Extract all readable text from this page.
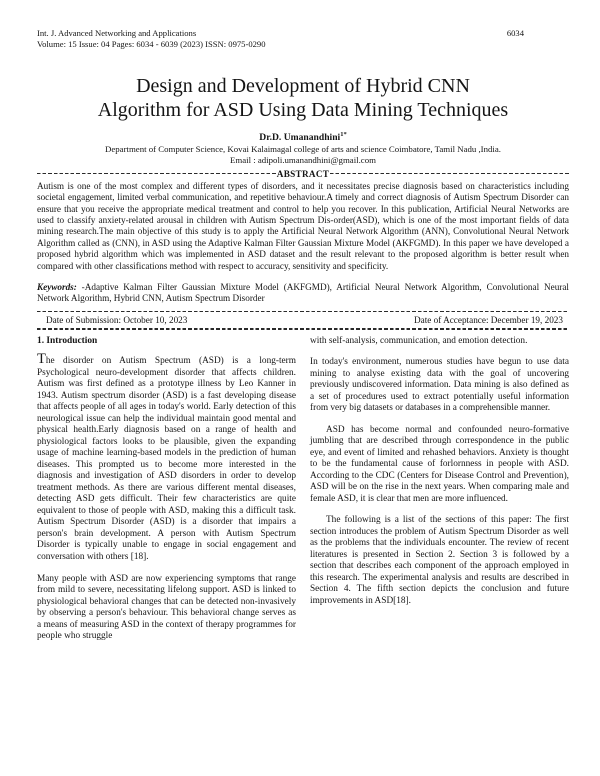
Int. J. Advanced Networking and Applications
Volume: 15 Issue: 04 Pages: 6034 - 6039 (2023) ISSN: 0975-0290
6034
Design and Development of Hybrid CNN Algorithm for ASD Using Data Mining Techniques
Dr.D. Umanandhini$^{1*}$
Department of Computer Science, Kovai Kalaimagal college of arts and science Coimbatore, Tamil Nadu ,India.
Email : adipoli.umanandhini@gmail.com
ABSTRACT
Autism is one of the most complex and different types of disorders, and it necessitates precise diagnosis based on characteristics including societal engagement, limited verbal communication, and repetitive behaviour.A timely and correct diagnosis of Autism Spectrum Disorder can ensure that you receive the appropriate medical treatment and control to help you recover. In this publication, Artificial Neural Networks are used to classify anxiety-related arousal in children with Autism Spectrum Dis-order(ASD), which is one of the most important fields of data mining research.The main objective of this study is to apply the Artificial Neural Network Algorithm (ANN), Convolutional Neural Network Algorithm called as (CNN), in ASD using the Adaptive Kalman Filter Gaussian Mixture Model (AKFGMD). In this paper we have developed a proposed hybrid algorithm which was implemented in ASD dataset and the result relevant to the proposed algorithm is better result when compared with other classifications method with respect to accuracy, sensitivity and specificity.
Keywords: -Adaptive Kalman Filter Gaussian Mixture Model (AKFGMD), Artificial Neural Network Algorithm, Convolutional Neural Network Algorithm, Hybrid CNN, Autism Spectrum Disorder
Date of Submission: October 10, 2023	Date of Acceptance: December 19, 2023
1. Introduction

The disorder on Autism Spectrum (ASD) is a long-term Psychological neuro-development disorder that affects children. Autism was first defined as a prototype illness by Leo Kanner in 1943. Autism spectrum disorder (ASD) is a fast developing disease that affects people of all ages in today's world. Early detection of this neurological issue can help the individual maintain good mental and physical health.Early diagnosis based on a range of health and physiological factors looks to be plausible, given the expanding usage of machine learning-based models in the prediction of human diseases. This prompted us to become more interested in the diagnosis and investigation of ASD disorders in order to develop treatment methods. As there are various different mental diseases, detecting ASD gets difficult. Their few characteristics are quite equivalent to those of people with ASD, making this a difficult task. Autism Spectrum Disorder (ASD) is a disorder that impairs a person's brain development. A person with Autism Spectrum Disorder is typically unable to engage in social engagement and conversation with others [18].

Many people with ASD are now experiencing symptoms that range from mild to severe, necessitating lifelong support. ASD is linked to physiological behavioral changes that can be detected non-invasively by observing a person's behaviour. This behavioral change serves as a means of measuring ASD in the context of therapy programmes for people who struggle

with self-analysis, communication, and emotion detection.

In today's environment, numerous studies have begun to use data mining to analyse existing data with the goal of uncovering previously undiscovered information. Data mining is also defined as a set of procedures used to extract potentially useful information from very big datasets or databases in a comprehensible manner.

ASD has become normal and confounded neuro-formative jumbling that are described through correspondence in the public eye, and event of limited and rehashed behaviors. Anxiety is thought to be the fundamental cause of forlornness in people with ASD. According to the CDC (Centers for Disease Control and Prevention), ASD will be on the rise in the next years. When comparing male and female ASD, it is clear that men are more influenced.

The following is a list of the sections of this paper: The first section introduces the problem of Autism Spectrum Disorder as well as the problems that the individuals encounter. The review of recent literatures is presented in Section 2. Section 3 is followed by a section that describes each component of the approach employed in this research. The experimental analysis and results are described in Section 4. The fifth section depicts the conclusion and future improvements in ASD[18].
